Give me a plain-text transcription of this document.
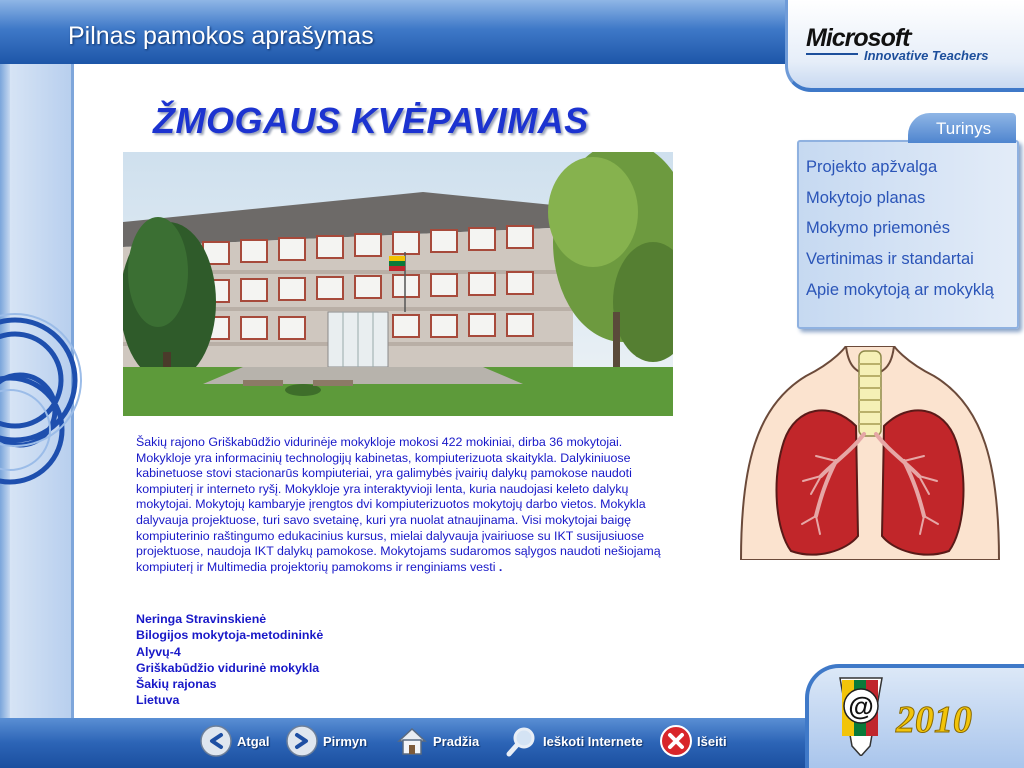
Pilnas pamokos aprašymas	Microsoft•
Innovative Teachers
ŽMOGAUS KVĖPAVIMAS

Šakių rajono Griškabūdžio vidurinėje mokykloje mokosi 422 mokiniai, dirba 36 mokytojai. Mokykloje yra informacinių technologijų kabinetas, kompiuterizuota skaitykla. Dalykiniuose kabinetuose stovi stacionarūs kompiuteriai, yra galimybės įvairių dalykų pamokose naudoti kompiuterį ir interneto ryšį. Mokykloje yra interaktyvioji lenta, kuria naudojasi keleto dalykų mokytojai. Mokytojų kambaryje įrengtos dvi kompiuterizuotos mokytojų darbo vietos. Mokykla dalyvauja projektuose, turi savo svetainę, kuri yra nuolat atnaujinama. Visi mokytojai baigę kompiuterinio raštingumo edukacinius kursus, mielai dalyvauja įvairiuose su IKT susijusiuose projektuose, naudoja IKT dalykų pamokose. Mokytojams sudaromos sąlygos naudoti nešiojamą kompiuterį ir Multimedia projektorių pamokoms ir renginiams vesti .

Neringa Stravinskienė
Bilogijos mokytoja-metodininkė
Alyvų-4
Griškabūdžio vidurinė mokykla
Šakių rajonas
Lietuva
Turinys
Projekto apžvalga
Mokytojo planas
Mokymo priemonės
Vertinimas ir standartai
Apie mokytoją ar mokyklą
Atgal	Pirmyn	Pradžia	Ieškoti Internete	Išeiti
@ 2010
